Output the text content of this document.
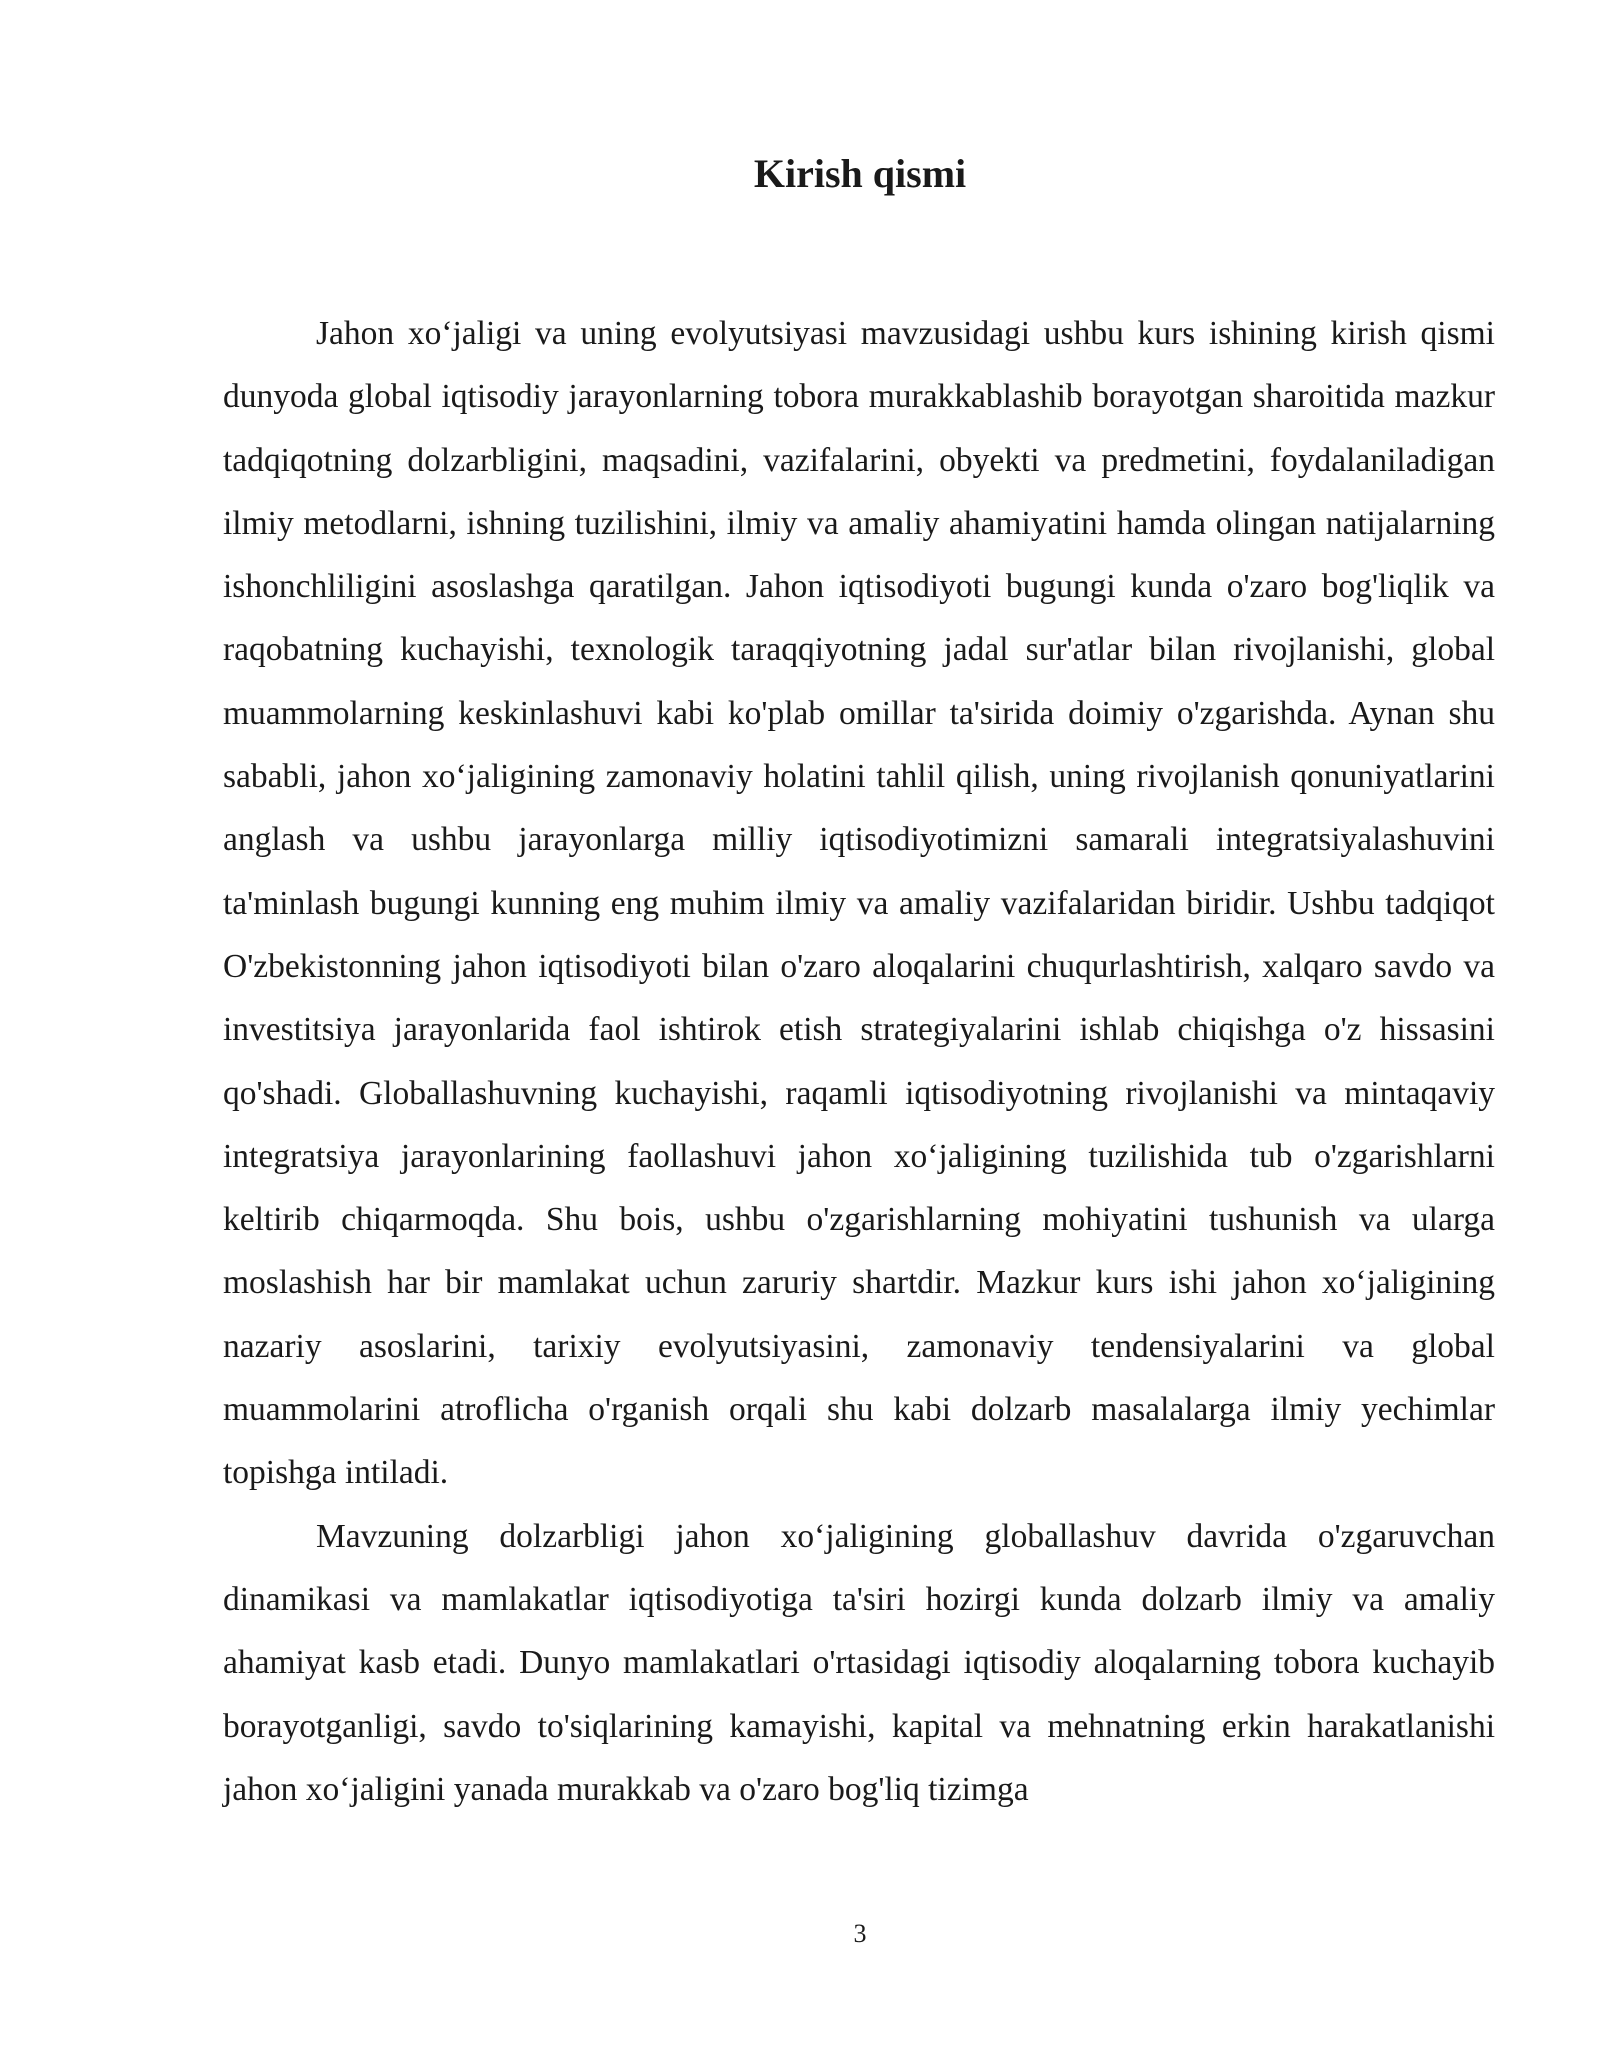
Kirish qismi

Jahon xo‘jaligi va uning evolyutsiyasi mavzusidagi ushbu kurs ishining kirish qismi dunyoda global iqtisodiy jarayonlarning tobora murakkablashib borayotgan sharoitida mazkur tadqiqotning dolzarbligini, maqsadini, vazifalarini, obyekti va predmetini, foydalaniladigan ilmiy metodlarni, ishning tuzilishini, ilmiy va amaliy ahamiyatini hamda olingan natijalarning ishonchliligini asoslashga qaratilgan. Jahon iqtisodiyoti bugungi kunda o'zaro bog'liqlik va raqobatning kuchayishi, texnologik taraqqiyotning jadal sur'atlar bilan rivojlanishi, global muammolarning keskinlashuvi kabi ko'plab omillar ta'sirida doimiy o'zgarishda. Aynan shu sababli, jahon xo‘jaligining zamonaviy holatini tahlil qilish, uning rivojlanish qonuniyatlarini anglash va ushbu jarayonlarga milliy iqtisodiyotimizni samarali integratsiyalashuvini ta'minlash bugungi kunning eng muhim ilmiy va amaliy vazifalaridan biridir. Ushbu tadqiqot O'zbekistonning jahon iqtisodiyoti bilan o'zaro aloqalarini chuqurlashtirish, xalqaro savdo va investitsiya jarayonlarida faol ishtirok etish strategiyalarini ishlab chiqishga o'z hissasini qo'shadi. Globallashuvning kuchayishi, raqamli iqtisodiyotning rivojlanishi va mintaqaviy integratsiya jarayonlarining faollashuvi jahon xo‘jaligining tuzilishida tub o'zgarishlarni keltirib chiqarmoqda. Shu bois, ushbu o'zgarishlarning mohiyatini tushunish va ularga moslashish har bir mamlakat uchun zaruriy shartdir. Mazkur kurs ishi jahon xo‘jaligining nazariy asoslarini, tarixiy evolyutsiyasini, zamonaviy tendensiyalarini va global muammolarini atroflicha o'rganish orqali shu kabi dolzarb masalalarga ilmiy yechimlar topishga intiladi.

Mavzuning dolzarbligi jahon xo‘jaligining globallashuv davrida o'zgaruvchan dinamikasi va mamlakatlar iqtisodiyotiga ta'siri hozirgi kunda dolzarb ilmiy va amaliy ahamiyat kasb etadi. Dunyo mamlakatlari o'rtasidagi iqtisodiy aloqalarning tobora kuchayib borayotganligi, savdo to'siqlarining kamayishi, kapital va mehnatning erkin harakatlanishi jahon xo‘jaligini yanada murakkab va o'zaro bog'liq tizimga

3
